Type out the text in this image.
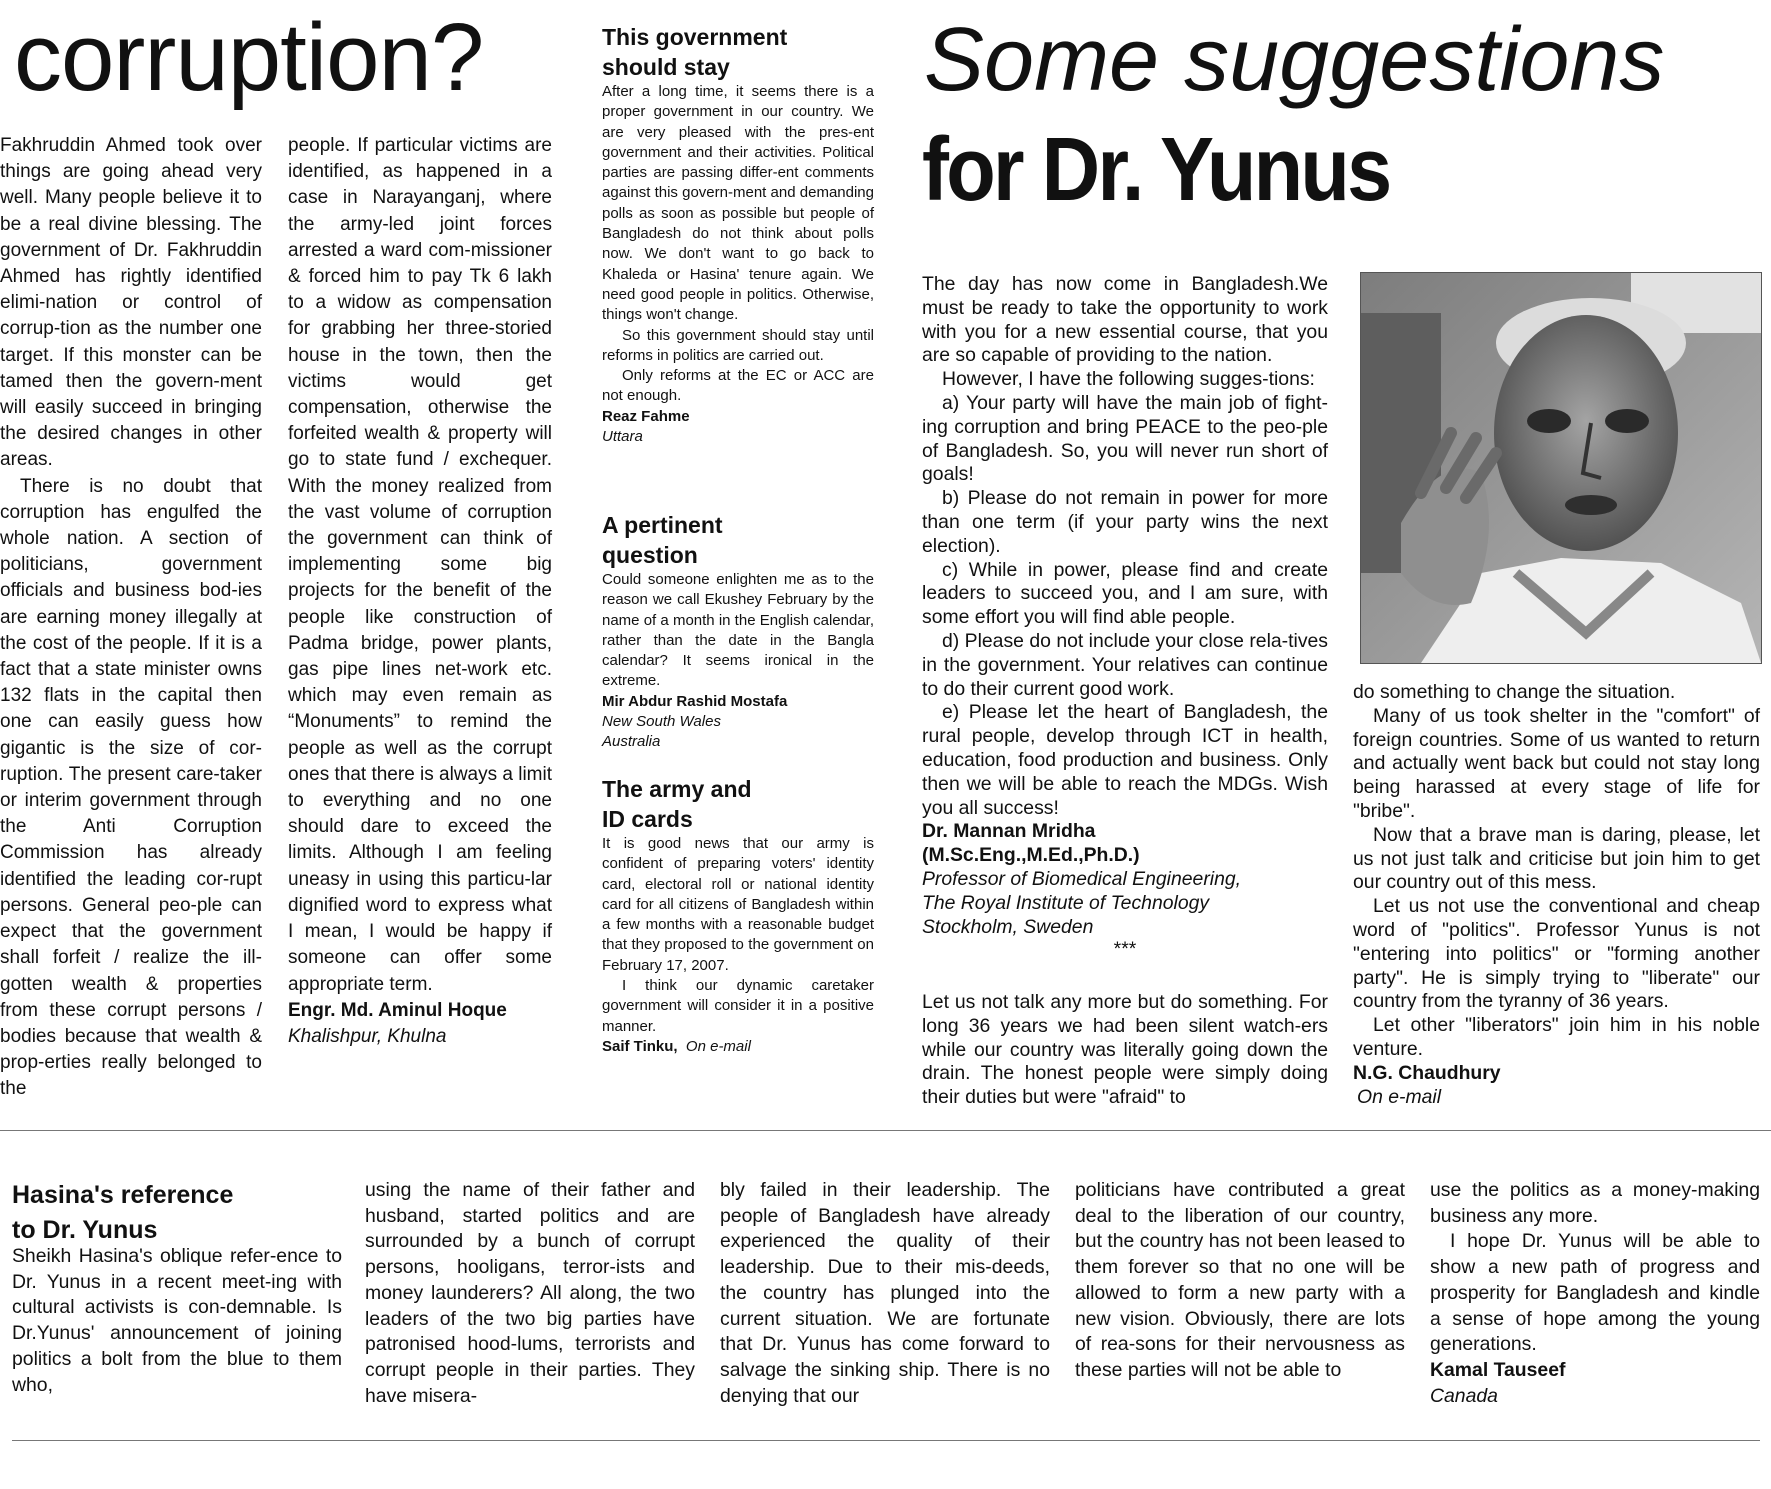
corruption?	Some suggestions
for Dr. Yunus

Fakhruddin Ahmed took over things are going ahead very well. Many people believe it to be a real divine blessing. The government of Dr. Fakhruddin Ahmed has rightly identified elimi-nation or control of corrup-tion as the number one target. If this monster can be tamed then the govern-ment will easily succeed in bringing the desired changes in other areas.

There is no doubt that corruption has engulfed the whole nation. A section of politicians, government officials and business bod-ies are earning money illegally at the cost of the people. If it is a fact that a state minister owns 132 flats in the capital then one can easily guess how gigantic is the size of cor-ruption. The present care-taker or interim government through the Anti Corruption Commission has already identified the leading cor-rupt persons. General peo-ple can expect that the government shall forfeit / realize the ill-gotten wealth & properties from these corrupt persons / bodies because that wealth & prop-erties really belonged to the

people. If particular victims are identified, as happened in a case in Narayanganj, where the army-led joint forces arrested a ward com-missioner & forced him to pay Tk 6 lakh to a widow as compensation for grabbing her three-storied house in the town, then the victims would get compensation, otherwise the forfeited wealth & property will go to state fund / exchequer. With the money realized from the vast volume of corruption the government can think of implementing some big projects for the benefit of the people like construction of Padma bridge, power plants, gas pipe lines net-work etc. which may even remain as “Monuments” to remind the people as well as the corrupt ones that there is always a limit to everything and no one should dare to exceed the limits. Although I am feeling uneasy in using this particu-lar dignified word to express what I mean, I would be happy if someone can offer some appropriate term.

Engr. Md. Aminul Hoque

Khalishpur, Khulna

This government
should stay

After a long time, it seems there is a proper government in our country. We are very pleased with the pres-ent government and their activities. Political parties are passing differ-ent comments against this govern-ment and demanding polls as soon as possible but people of Bangladesh do not think about polls now. We don't want to go back to Khaleda or Hasina' tenure again. We need good people in politics. Otherwise, things won't change.

So this government should stay until reforms in politics are carried out.

Only reforms at the EC or ACC are not enough.

Reaz Fahme

Uttara

A pertinent
question

Could someone enlighten me as to the reason we call Ekushey February by the name of a month in the English calendar, rather than the date in the Bangla calendar? It seems ironical in the extreme.

Mir Abdur Rashid Mostafa

New South Wales

Australia

The army and
ID cards

It is good news that our army is confident of preparing voters' identity card, electoral roll or national identity card for all citizens of Bangladesh within a few months with a reasonable budget that they proposed to the government on February 17, 2007.

I think our dynamic caretaker government will consider it in a positive manner.

Saif Tinku, On e-mail

The day has now come in Bangladesh.We must be ready to take the opportunity to work with you for a new essential course, that you are so capable of providing to the nation.

However, I have the following sugges-tions:

a) Your party will have the main job of fight-ing corruption and bring PEACE to the peo-ple of Bangladesh. So, you will never run short of goals!

b) Please do not remain in power for more than one term (if your party wins the next election).

c) While in power, please find and create leaders to succeed you, and I am sure, with some effort you will find able people.

d) Please do not include your close rela-tives in the government. Your relatives can continue to do their current good work.

e) Please let the heart of Bangladesh, the rural people, develop through ICT in health, education, food production and business. Only then we will be able to reach the MDGs. Wish you all success!

Dr. Mannan Mridha

(M.Sc.Eng.,M.Ed.,Ph.D.)

Professor of Biomedical Engineering,

The Royal Institute of Technology

Stockholm, Sweden

***

Let us not talk any more but do something. For long 36 years we had been silent watch-ers while our country was literally going down the drain. The honest people were simply doing their duties but were "afraid" to

do something to change the situation.

Many of us took shelter in the "comfort" of foreign countries. Some of us wanted to return and actually went back but could not stay long being harassed at every stage of life for "bribe".

Now that a brave man is daring, please, let us not just talk and criticise but join him to get our country out of this mess.

Let us not use the conventional and cheap word of "politics". Professor Yunus is not "entering into politics" or "forming another party". He is simply trying to "liberate" our country from the tyranny of 36 years.

Let other "liberators" join him in his noble venture.

N.G. Chaudhury

On e-mail

Hasina's reference
to Dr. Yunus

Sheikh Hasina's oblique refer-ence to Dr. Yunus in a recent meet-ing with cultural activists is con-demnable. Is Dr.Yunus' announcement of joining politics a bolt from the blue to them who,

using the name of their father and husband, started politics and are surrounded by a bunch of corrupt persons, hooligans, terror-ists and money launderers? All along, the two leaders of the two big parties have patronised hood-lums, terrorists and corrupt people in their parties. They have misera-

bly failed in their leadership. The people of Bangladesh have already experienced the quality of their leadership. Due to their mis-deeds, the country has plunged into the current situation. We are fortunate that Dr. Yunus has come forward to salvage the sinking ship. There is no denying that our

politicians have contributed a great deal to the liberation of our country, but the country has not been leased to them forever so that no one will be allowed to form a new party with a new vision. Obviously, there are lots of rea-sons for their nervousness as these parties will not be able to

use the politics as a money-making business any more.

I hope Dr. Yunus will be able to show a new path of progress and prosperity for Bangladesh and kindle a sense of hope among the young generations.

Kamal Tauseef

Canada
